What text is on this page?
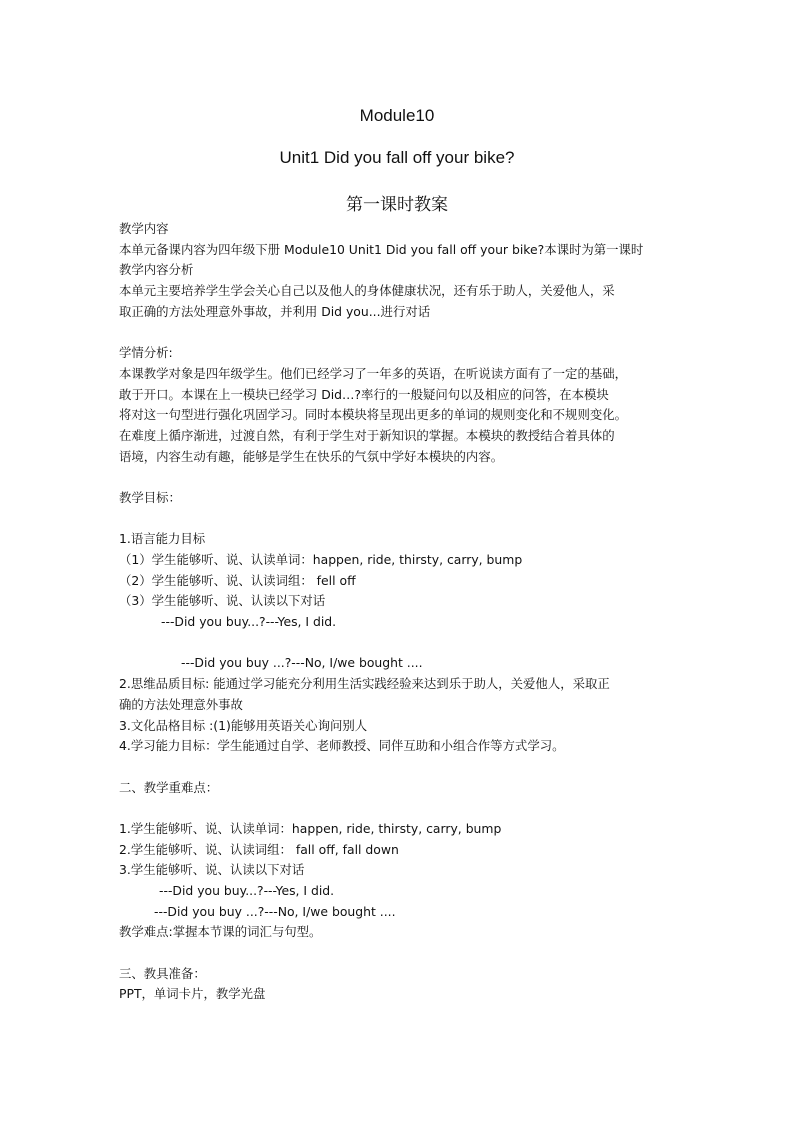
Module10
Unit1 Did you fall off your bike?
第一课时教案
教学内容
本单元备课内容为四年级下册 Module10 Unit1 Did you fall off your bike?本课时为第一课时
教学内容分析
本单元主要培养学生学会关心自己以及他人的身体健康状况，还有乐于助人，关爱他人，采
取正确的方法处理意外事故，并利用 Did you...进行对话
学情分析:
本课教学对象是四年级学生。他们已经学习了一年多的英语，在听说读方面有了一定的基础，
敢于开口。本课在上一模块已经学习 Did…?率行的一般疑问句以及相应的问答，在本模块
将对这一句型进行强化巩固学习。同时本模块将呈现出更多的单词的规则变化和不规则变化。
在难度上循序渐进，过渡自然，有利于学生对于新知识的掌握。本模块的教授结合着具体的
语境，内容生动有趣，能够是学生在快乐的气氛中学好本模块的内容。
教学目标：
1.语言能力目标
（1）学生能够听、说、认读单词：happen, ride, thirsty, carry, bump
（2）学生能够听、说、认读词组： fell off
（3）学生能够听、说、认读以下对话
---Did you buy...?---Yes, I did.
---Did you buy ...?---No, I/we bought ....
2.思维品质目标: 能通过学习能充分利用生活实践经验来达到乐于助人，关爱他人，采取正
确的方法处理意外事故
3.文化品格目标 :(1)能够用英语关心询问别人
4.学习能力目标：学生能通过自学、老师教授、同伴互助和小组合作等方式学习。
二、教学重难点：
1.学生能够听、说、认读单词：happen, ride, thirsty, carry, bump
2.学生能够听、说、认读词组： fall off, fall down
3.学生能够听、说、认读以下对话
---Did you buy...?---Yes, I did.
---Did you buy ...?---No, I/we bought ....
教学难点:掌握本节课的词汇与句型。
三、教具准备：
PPT，单词卡片，教学光盘
